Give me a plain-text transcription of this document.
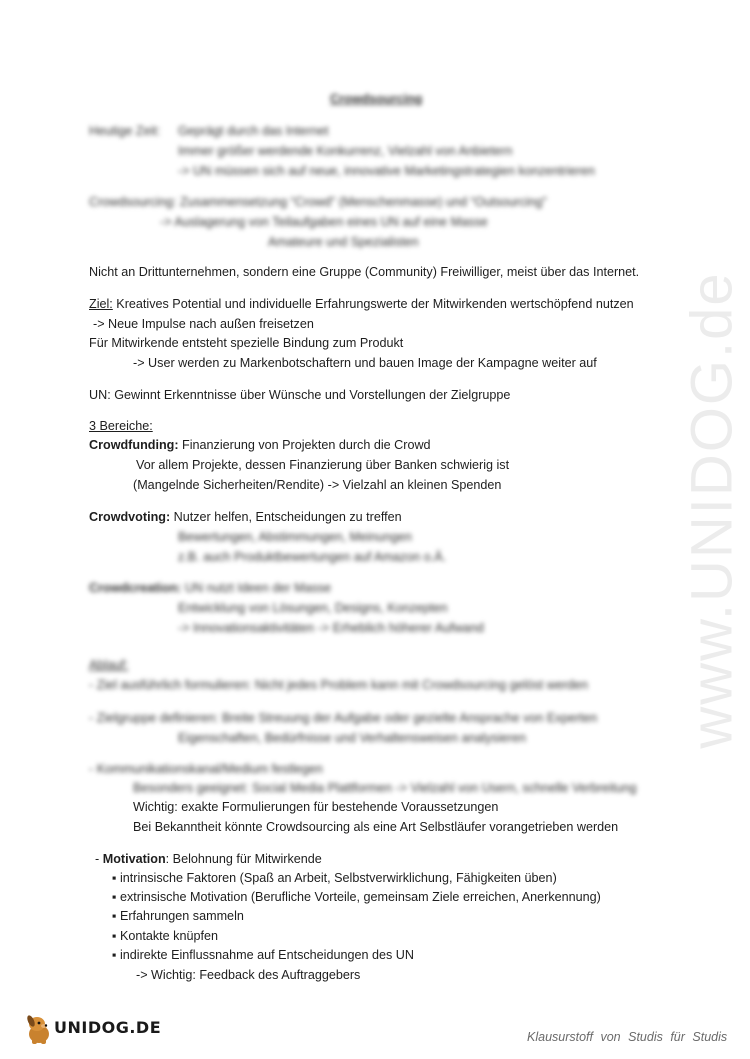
www.UNIDOG.de
Crowdsourcing
Heutige Zeit: Geprägt durch das Internet
Immer größer werdende Konkurrenz, Vielzahl von Anbietern
-> UN müssen sich auf neue, innovative Marketingstrategien konzentrieren
Crowdsourcing: Zusammensetzung “Crowd” (Menschenmasse) und “Outsourcing”
-> Auslagerung von Teilaufgaben eines UN auf eine Masse
Amateure und Spezialisten
Nicht an Drittunternehmen, sondern eine Gruppe (Community) Freiwilliger, meist über das Internet.
Ziel: Kreatives Potential und individuelle Erfahrungswerte der Mitwirkenden wertschöpfend nutzen
-> Neue Impulse nach außen freisetzen
Für Mitwirkende entsteht spezielle Bindung zum Produkt
-> User werden zu Markenbotschaftern und bauen Image der Kampagne weiter auf
UN: Gewinnt Erkenntnisse über Wünsche und Vorstellungen der Zielgruppe
3 Bereiche:
Crowdfunding: Finanzierung von Projekten durch die Crowd
Vor allem Projekte, dessen Finanzierung über Banken schwierig ist
(Mangelnde Sicherheiten/Rendite) -> Vielzahl an kleinen Spenden
Crowdvoting: Nutzer helfen, Entscheidungen zu treffen
Bewertungen, Abstimmungen, Meinungen
z.B. auch Produktbewertungen auf Amazon o.Ä.
Crowdcreation: UN nutzt Ideen der Masse
Entwicklung von Lösungen, Designs, Konzepten
-> Innovationsaktivitäten -> Erheblich höherer Aufwand
Ablauf:
- Ziel ausführlich formulieren: Nicht jedes Problem kann mit Crowdsourcing gelöst werden
- Zielgruppe definieren: Breite Streuung der Aufgabe oder gezielte Ansprache von Experten
Eigenschaften, Bedürfnisse und Verhaltensweisen analysieren
- Kommunikationskanal/Medium festlegen
Besonders geeignet: Social Media Plattformen -> Vielzahl von Usern, schnelle Verbreitung
Wichtig: exakte Formulierungen für bestehende Voraussetzungen
Bei Bekanntheit könnte Crowdsourcing als eine Art Selbstläufer vorangetrieben werden
- Motivation: Belohnung für Mitwirkende
▪ intrinsische Faktoren (Spaß an Arbeit, Selbstverwirklichung, Fähigkeiten üben)
▪ extrinsische Motivation (Berufliche Vorteile, gemeinsam Ziele erreichen, Anerkennung)
▪ Erfahrungen sammeln
▪ Kontakte knüpfen
▪ indirekte Einflussnahme auf Entscheidungen des UN
-> Wichtig: Feedback des Auftraggebers
UNIDOG.DE	Klausurstoff von Studis für Studis
